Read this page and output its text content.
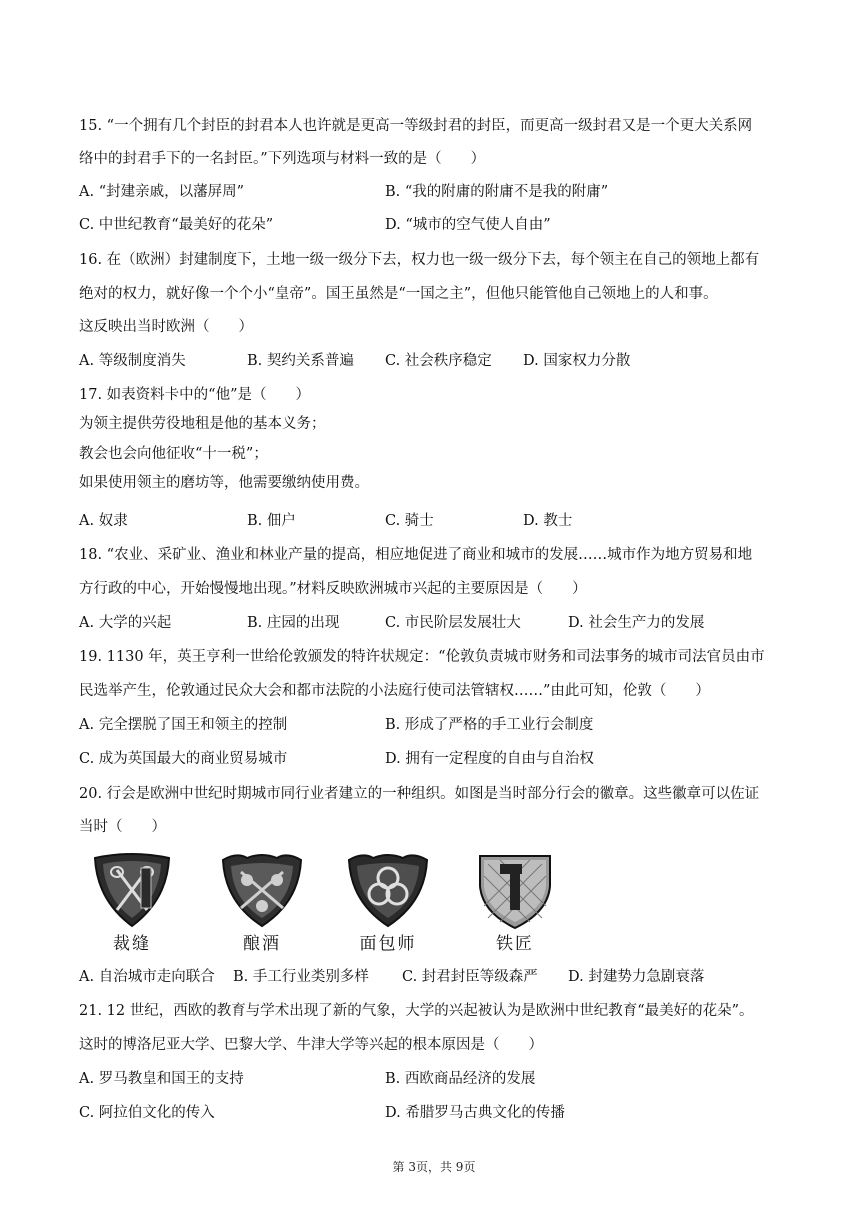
15. “一个拥有几个封臣的封君本人也许就是更高一等级封君的封臣，而更高一级封君又是一个更大关系网
络中的封君手下的一名封臣。”下列选项与材料一致的是（　　）
A. “封建亲戚，以藩屏周”	B. “我的附庸的附庸不是我的附庸”
C. 中世纪教育“最美好的花朵”	D. “城市的空气使人自由”
16. 在（欧洲）封建制度下，土地一级一级分下去，权力也一级一级分下去，每个领主在自己的领地上都有
绝对的权力，就好像一个个小“皇帝”。国王虽然是“一国之主”，但他只能管他自己领地上的人和事。
这反映出当时欧洲（　　）
A. 等级制度消失	B. 契约关系普遍 C. 社会秩序稳定 D. 国家权力分散
17. 如表资料卡中的“他”是（　　）
为领主提供劳役地租是他的基本义务；
教会也会向他征收“十一税”；
如果使用领主的磨坊等，他需要缴纳使用费。
A. 奴隶	B. 佃户	C. 骑士	D. 教士
18. “农业、采矿业、渔业和林业产量的提高，相应地促进了商业和城市的发展……城市作为地方贸易和地
方行政的中心，开始慢慢地出现。”材料反映欧洲城市兴起的主要原因是（　　）
A. 大学的兴起	B. 庄园的出现	C. 市民阶层发展壮大	D. 社会生产力的发展
19. 1130 年，英王亨利一世给伦敦颁发的特许状规定：“伦敦负责城市财务和司法事务的城市司法官员由市
民选举产生，伦敦通过民众大会和都市法院的小法庭行使司法管辖权……”由此可知，伦敦（　　）
A. 完全摆脱了国王和领主的控制	B. 形成了严格的手工业行会制度
C. 成为英国最大的商业贸易城市	D. 拥有一定程度的自由与自治权
20. 行会是欧洲中世纪时期城市同行业者建立的一种组织。如图是当时部分行会的徽章。这些徽章可以佐证
当时（　　）
裁缝	酿酒	面包师	铁匠
A. 自治城市走向联合 B. 手工行业类别多样 C. 封君封臣等级森严 D. 封建势力急剧衰落
21. 12 世纪，西欧的教育与学术出现了新的气象，大学的兴起被认为是欧洲中世纪教育“最美好的花朵”。
这时的博洛尼亚大学、巴黎大学、牛津大学等兴起的根本原因是（　　）
A. 罗马教皇和国王的支持	B. 西欧商品经济的发展
C. 阿拉伯文化的传入	D. 希腊罗马古典文化的传播
第 3页，共 9页
